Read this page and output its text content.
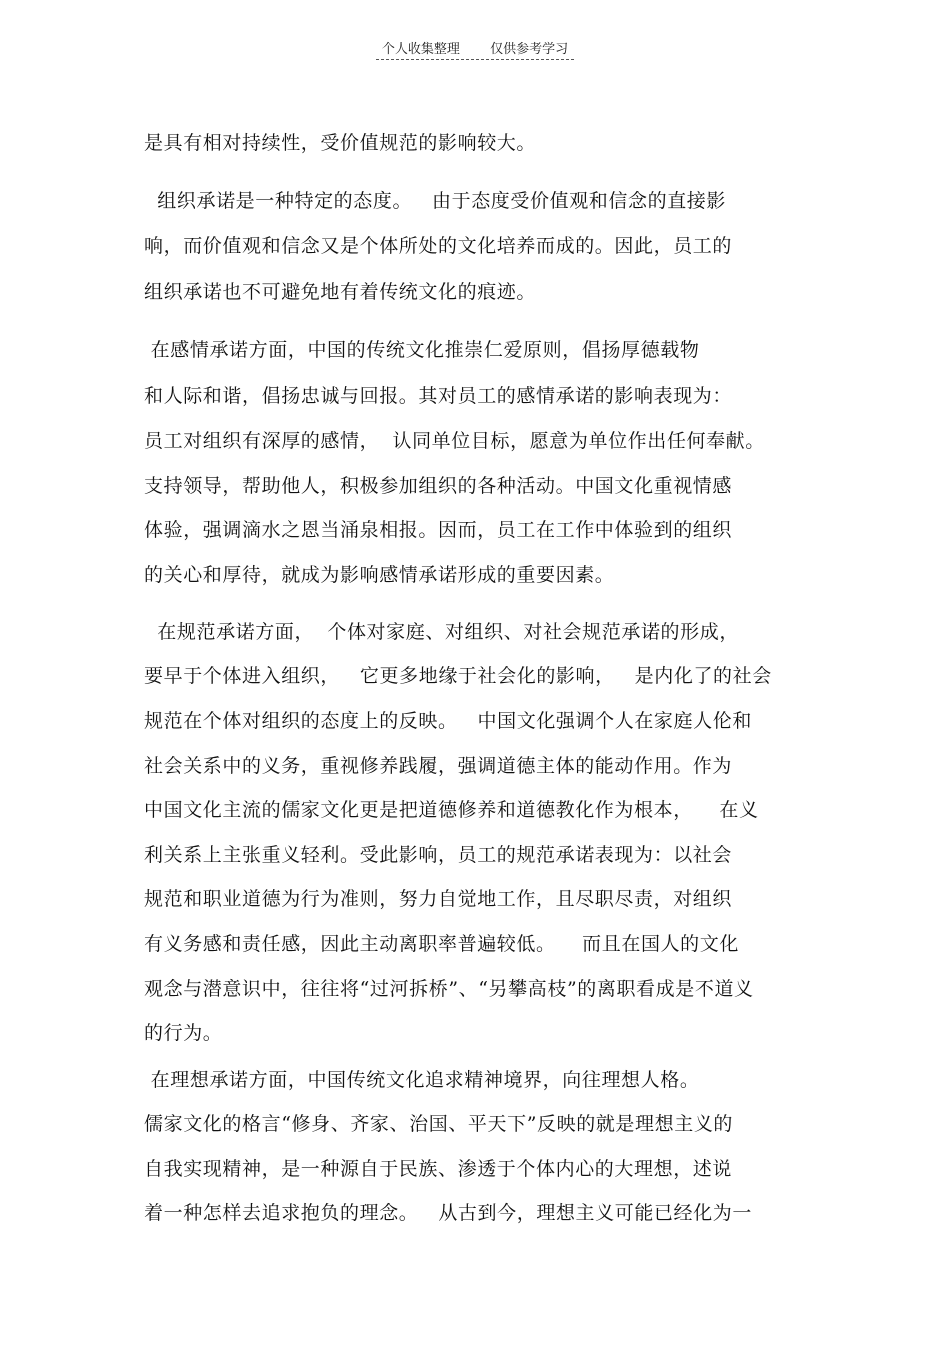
个人收集整理 仅供参考学习
是具有相对持续性，受价值规范的影响较大。
组织承诺是一种特定的态度。   由于态度受价值观和信念的直接影
响，而价值观和信念又是个体所处的文化培养而成的。因此，员工的
组织承诺也不可避免地有着传统文化的痕迹。
在感情承诺方面，中国的传统文化推崇仁爱原则，倡扬厚德载物
和人际和谐，倡扬忠诚与回报。其对员工的感情承诺的影响表现为：
员工对组织有深厚的感情，  认同单位目标，愿意为单位作出任何奉献。
支持领导，帮助他人，积极参加组织的各种活动。中国文化重视情感
体验，强调滴水之恩当涌泉相报。因而，员工在工作中体验到的组织
的关心和厚待，就成为影响感情承诺形成的重要因素。
在规范承诺方面，  个体对家庭、对组织、对社会规范承诺的形成，
要早于个体进入组织，   它更多地缘于社会化的影响，   是内化了的社会
规范在个体对组织的态度上的反映。   中国文化强调个人在家庭人伦和
社会关系中的义务，重视修养践履，强调道德主体的能动作用。作为
中国文化主流的儒家文化更是把道德修养和道德教化作为根本，    在义
利关系上主张重义轻利。受此影响，员工的规范承诺表现为：以社会
规范和职业道德为行为准则，努力自觉地工作，且尽职尽责，对组织
有义务感和责任感，因此主动离职率普遍较低。    而且在国人的文化
观念与潜意识中，往往将“过河拆桥”、“另攀高枝”的离职看成是不道义
的行为。
在理想承诺方面，中国传统文化追求精神境界，向往理想人格。
儒家文化的格言“修身、齐家、治国、平天下”反映的就是理想主义的
自我实现精神，是一种源自于民族、渗透于个体内心的大理想，述说
着一种怎样去追求抱负的理念。   从古到今，理想主义可能已经化为一
